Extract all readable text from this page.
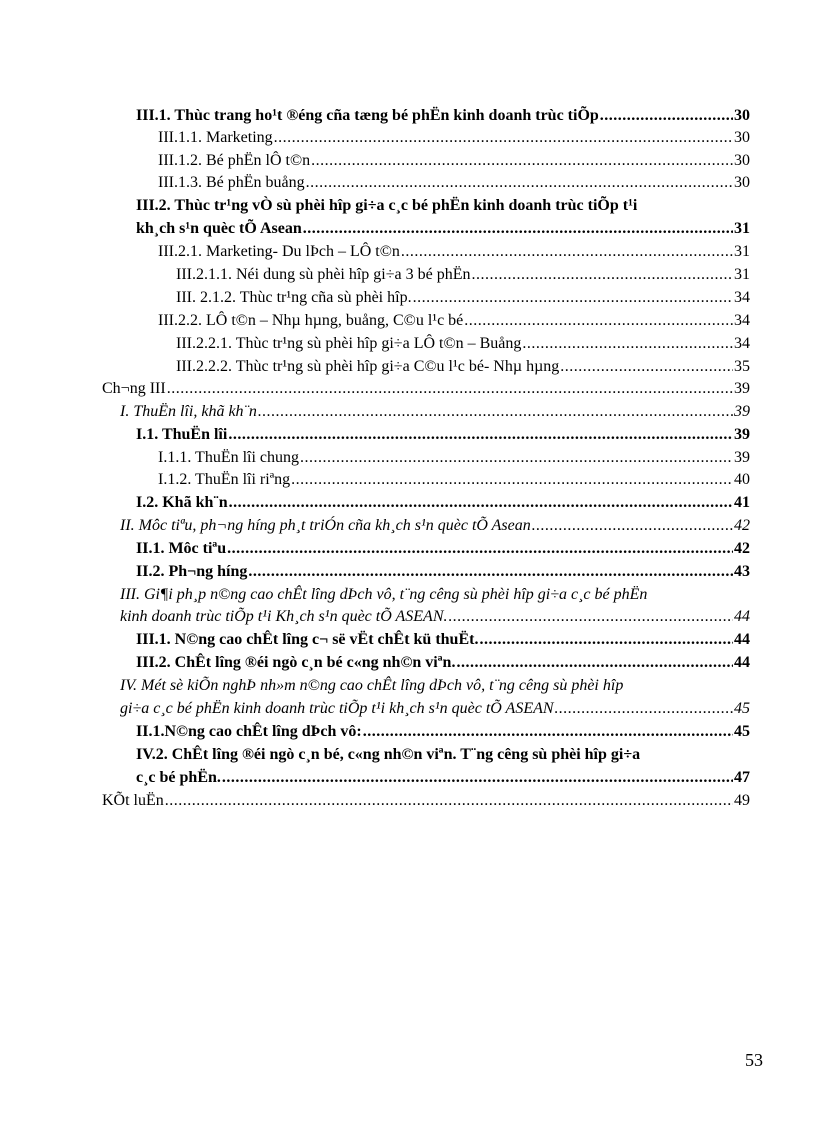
III.1. Thùc trang ho¹t ®éng cña tæng bé phËn kinh doanh trùc tiÕp .....	30
III.1.1. Marketing .....	30
III.1.2. Bé phËn lÔ t©n .....	30
III.1.3. Bé phËn buång .....	30
III.2. Thùc tr¹ng vÒ sù phèi hîp gi÷a c¸c bé phËn kinh doanh trùc tiÕp t¹i
kh¸ch s¹n quèc tÕ Asean .....	31
III.2.1. Marketing- Du lÞch – LÔ t©n .....	31
III.2.1.1. Néi dung sù phèi hîp gi÷a 3 bé phËn .....	31
III. 2.1.2. Thùc tr¹ng cña sù phèi hîp. .....	34
III.2.2. LÔ t©n – Nhµ hµng, buång, C©u l¹c bé .....	34
III.2.2.1. Thùc tr¹ng sù phèi hîp gi÷a LÔ t©n – Buång .....	34
III.2.2.2. Thùc tr¹ng sù phèi hîp gi÷a C©u l¹c bé- Nhµ hµng .....	35
Ch¬ng III .....	39
I. ThuËn lîi, khã kh¨n .....	39
I.1. ThuËn lîi .....	39
I.1.1. ThuËn lîi chung .....	39
I.1.2. ThuËn lîi riªng .....	40
I.2. Khã kh¨n .....	41
II. Môc tiªu, ph¬ng híng ph¸t triÓn cña kh¸ch s¹n quèc tÕ Asean .....	42
II.1. Môc tiªu .....	42
II.2. Ph¬ng híng .....	43
III. Gi¶i ph¸p n©ng cao chÊt lîng dÞch vô, t¨ng cêng sù phèi hîp gi÷a c¸c bé phËn
kinh doanh trùc tiÕp t¹i Kh¸ch s¹n quèc tÕ ASEAN. .....	44
III.1. N©ng cao chÊt lîng c¬ së vËt chÊt kü thuËt. .....	44
III.2. ChÊt lîng ®éi ngò c¸n bé c«ng nh©n viªn. .....	44
IV. Mét sè kiÕn nghÞ nh»m n©ng cao chÊt lîng dÞch vô, t¨ng cêng sù phèi hîp
gi÷a c¸c bé phËn kinh doanh trùc tiÕp t¹i kh¸ch s¹n quèc tÕ ASEAN .....	45
II.1.N©ng cao chÊt lîng dÞch vô: .....	45
IV.2. ChÊt lîng ®éi ngò c¸n bé, c«ng nh©n viªn. T¨ng cêng sù phèi hîp gi÷a
c¸c bé phËn. .....	47
KÕt luËn .....	49
53
